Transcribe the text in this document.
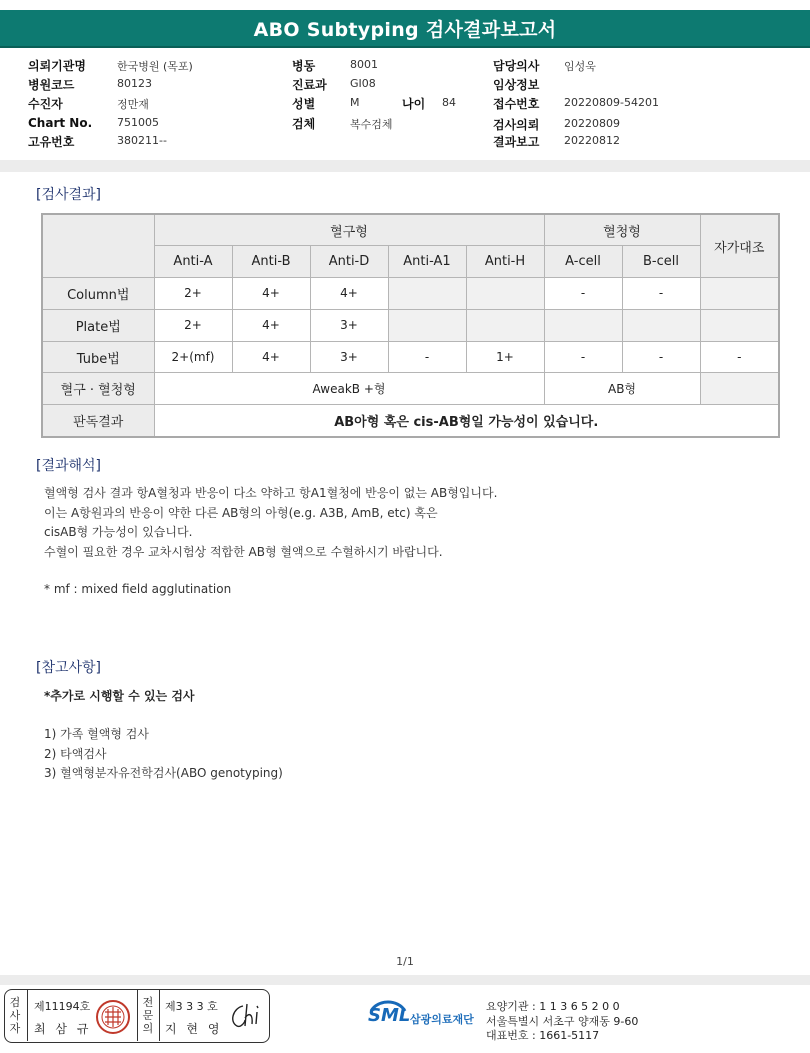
ABO Subtyping 검사결과보고서
의뢰기관명	한국병원 (목포)
병원코드	80123
수진자	정만재
Chart No. 751005
고유번호	380211--
병동	8001
진료과 GI08
성별	M	나이 84
검체	복수검체
담당의사 임성욱
임상정보
접수번호 20220809-54201
검사의뢰 20220809
결과보고 20220812
[검사결과]
	혈구형					혈청형		자가대조
	Anti-A	Anti-B	Anti-D	Anti-A1	Anti-H	A-cell	B-cell	
Column법	2+	4+	4+			-	-	
Plate법	2+	4+	3+					
Tube법	2+(mf)	4+	3+	-	1+	-	-	-
혈구 · 혈청형	AweakB +형					AB형		
판독결과	AB아형 혹은 cis-AB형일 가능성이 있습니다.							
[결과해석]
혈액형 검사 결과 항A혈청과 반응이 다소 약하고 항A1혈청에 반응이 없는 AB형입니다.
이는 A항원과의 반응이 약한 다른 AB형의 아형(e.g. A3B, AmB, etc) 혹은
cisAB형 가능성이 있습니다.
수혈이 필요한 경우 교차시험상 적합한 AB형 혈액으로 수혈하시기 바랍니다.
* mf : mixed field agglutination
[참고사항]
*추가로 시행할 수 있는 검사
1) 가족 혈액형 검사
2) 타액검사
3) 혈액형분자유전학검사(ABO genotyping)
1/1
검사자
제11194호
최 삼 규
전문의
제3 3 3 호
지 현 영
SML 삼광의료재단
요양기관 : 1 1 3 6 5 2 0 0
서울특별시 서초구 양재동 9-60
대표번호 : 1661-5117
